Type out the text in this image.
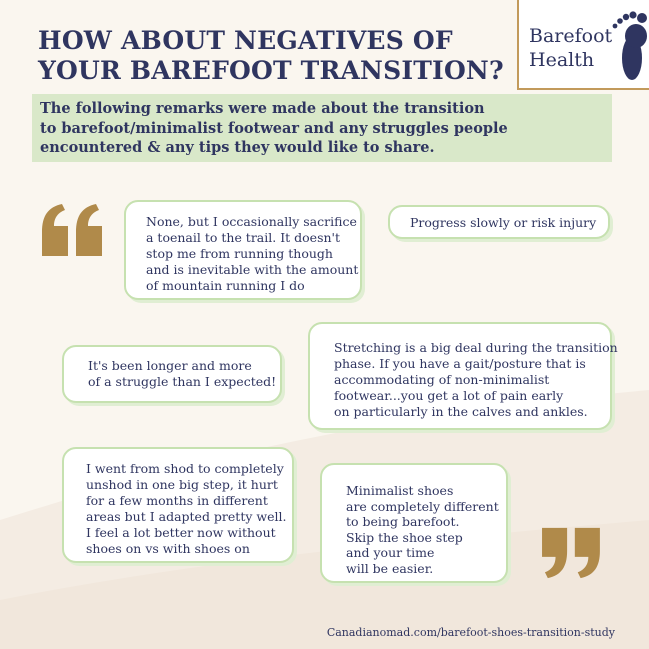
HOW ABOUT NEGATIVES OF
YOUR BAREFOOT TRANSITION?
Barefoot
Health
The following remarks were made about the transition
to barefoot/minimalist footwear and any struggles people
encountered & any tips they would like to share.
None, but I occasionally sacrifice
a toenail to the trail. It doesn't
stop me from running though
and is inevitable with the amount
of mountain running I do
Progress slowly or risk injury
It's been longer and more
of a struggle than I expected!
Stretching is a big deal during the transition
phase. If you have a gait/posture that is
accommodating of non-minimalist
footwear...you get a lot of pain early
on particularly in the calves and ankles.
I went from shod to completely
unshod in one big step, it hurt
for a few months in different
areas but I adapted pretty well.
I feel a lot better now without
shoes on vs with shoes on
Minimalist shoes
are completely different
to being barefoot.
Skip the shoe step
and your time
will be easier.
Canadianomad.com/barefoot-shoes-transition-study
